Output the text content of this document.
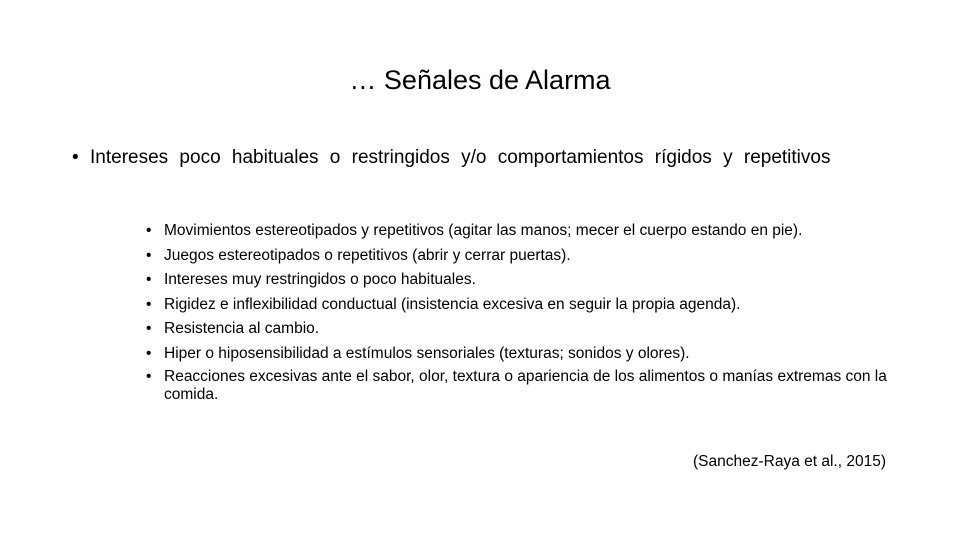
… Señales de Alarma
• Intereses poco habituales o restringidos y/o comportamientos rígidos y repetitivos
• Movimientos estereotipados y repetitivos (agitar las manos; mecer el cuerpo estando en pie).
• Juegos estereotipados o repetitivos (abrir y cerrar puertas).
• Intereses muy restringidos o poco habituales.
• Rigidez e inflexibilidad conductual (insistencia excesiva en seguir la propia agenda).
• Resistencia al cambio.
• Hiper o hiposensibilidad a estímulos sensoriales (texturas; sonidos y olores).
• Reacciones excesivas ante el sabor, olor, textura o apariencia de los alimentos o manías extremas con la comida.
(Sanchez-Raya et al., 2015)
